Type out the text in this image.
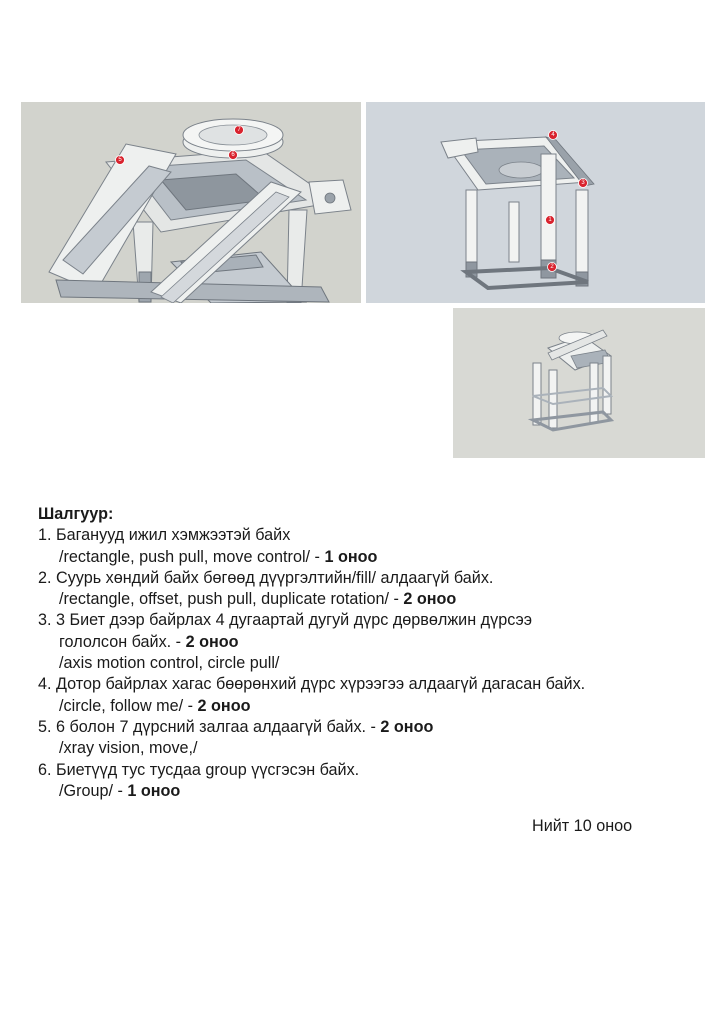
7
6
5
4
3
1
2
Шалгуур:
1. Баганууд ижил хэмжээтэй байх
/rectangle, push pull, move control/ - 1 оноо
2. Суурь хөндий байх бөгөөд дүүргэлтийн/fill/ алдаагүй байх.
/rectangle, offset, push pull, duplicate rotation/ - 2 оноо
3. 3 Биет дээр байрлах 4 дугаартай дугуй дүрс дөрвөлжин дүрсээ
гололсон байх. - 2 оноо
/axis motion control, circle pull/
4. Дотор байрлах хагас бөөрөнхий дүрс хүрээгээ алдаагүй дагасан байх.
/circle, follow me/ - 2 оноо
5. 6 болон 7 дүрсний залгаа алдаагүй байх. - 2 оноо
/xray vision, move,/
6. Биетүүд тус тусдаа group үүсгэсэн байх.
/Group/ - 1 оноо
Нийт 10 оноо
